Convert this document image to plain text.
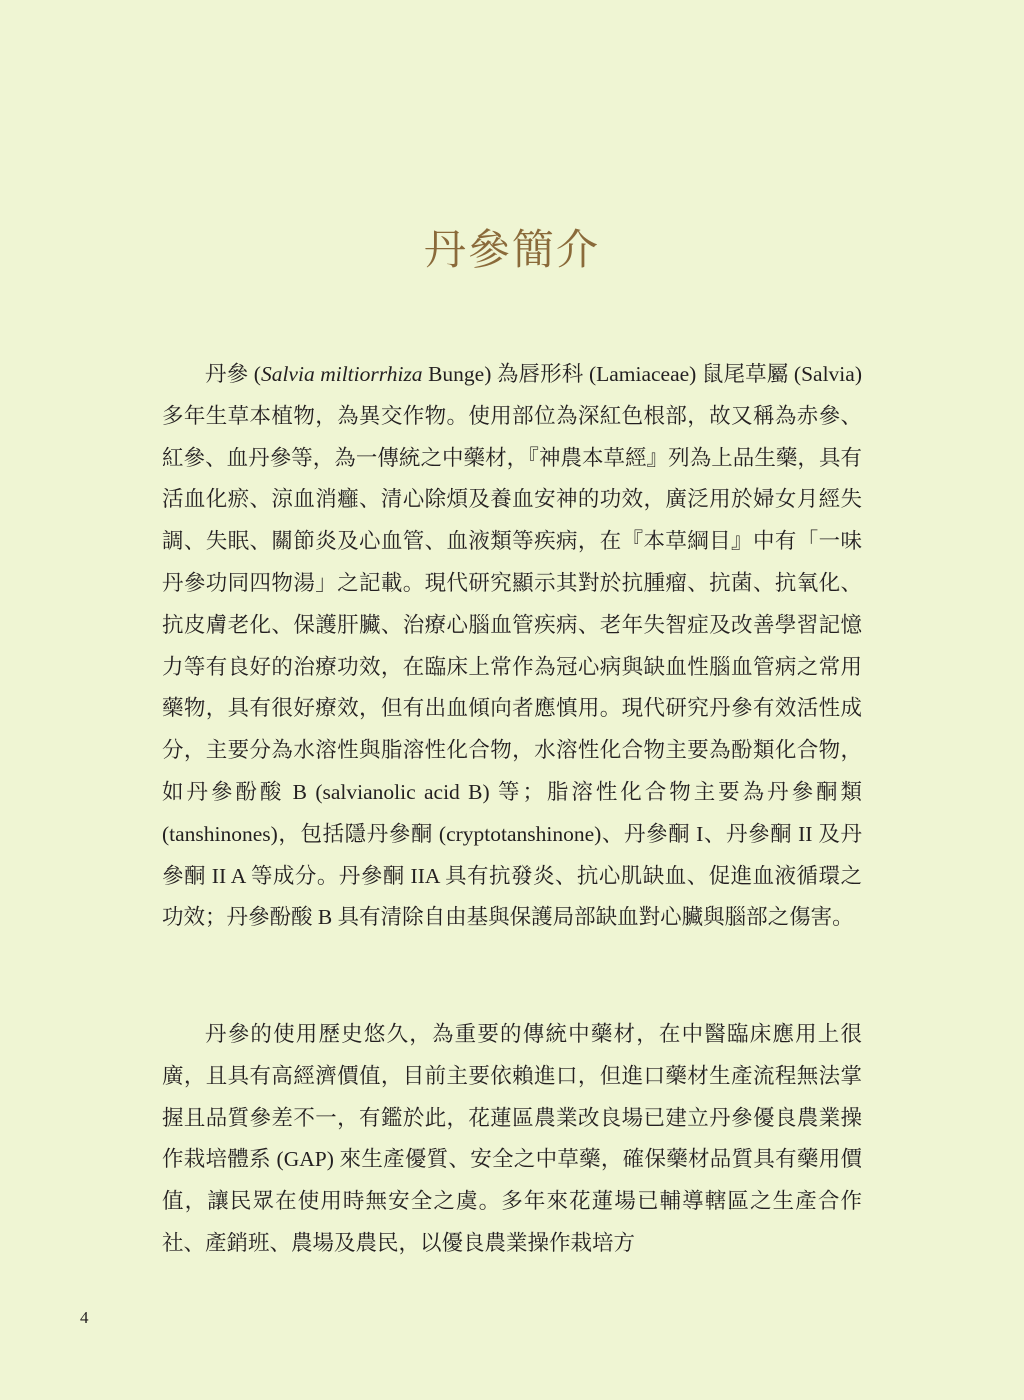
丹參簡介

丹參 (Salvia miltiorrhiza Bunge) 為唇形科 (Lamiaceae) 鼠尾草屬 (Salvia) 多年生草本植物，為異交作物。使用部位為深紅色根部，故又稱為赤參、紅參、血丹參等，為一傳統之中藥材，『神農本草經』列為上品生藥，具有活血化瘀、涼血消癰、清心除煩及養血安神的功效，廣泛用於婦女月經失調、失眠、關節炎及心血管、血液類等疾病，在『本草綱目』中有「一味丹參功同四物湯」之記載。現代研究顯示其對於抗腫瘤、抗菌、抗氧化、抗皮膚老化、保護肝臟、治療心腦血管疾病、老年失智症及改善學習記憶力等有良好的治療功效，在臨床上常作為冠心病與缺血性腦血管病之常用藥物，具有很好療效，但有出血傾向者應慎用。現代研究丹參有效活性成分，主要分為水溶性與脂溶性化合物，水溶性化合物主要為酚類化合物，如丹參酚酸 B (salvianolic acid B) 等；脂溶性化合物主要為丹參酮類 (tanshinones)，包括隱丹參酮 (cryptotanshinone)、丹參酮 I、丹參酮 II 及丹參酮 II A 等成分。丹參酮 IIA 具有抗發炎、抗心肌缺血、促進血液循環之功效；丹參酚酸 B 具有清除自由基與保護局部缺血對心臟與腦部之傷害。

丹參的使用歷史悠久，為重要的傳統中藥材，在中醫臨床應用上很廣，且具有高經濟價值，目前主要依賴進口，但進口藥材生產流程無法掌握且品質參差不一，有鑑於此，花蓮區農業改良場已建立丹參優良農業操作栽培體系 (GAP) 來生產優質、安全之中草藥，確保藥材品質具有藥用價值，讓民眾在使用時無安全之虞。多年來花蓮場已輔導轄區之生產合作社、產銷班、農場及農民，以優良農業操作栽培方

4
